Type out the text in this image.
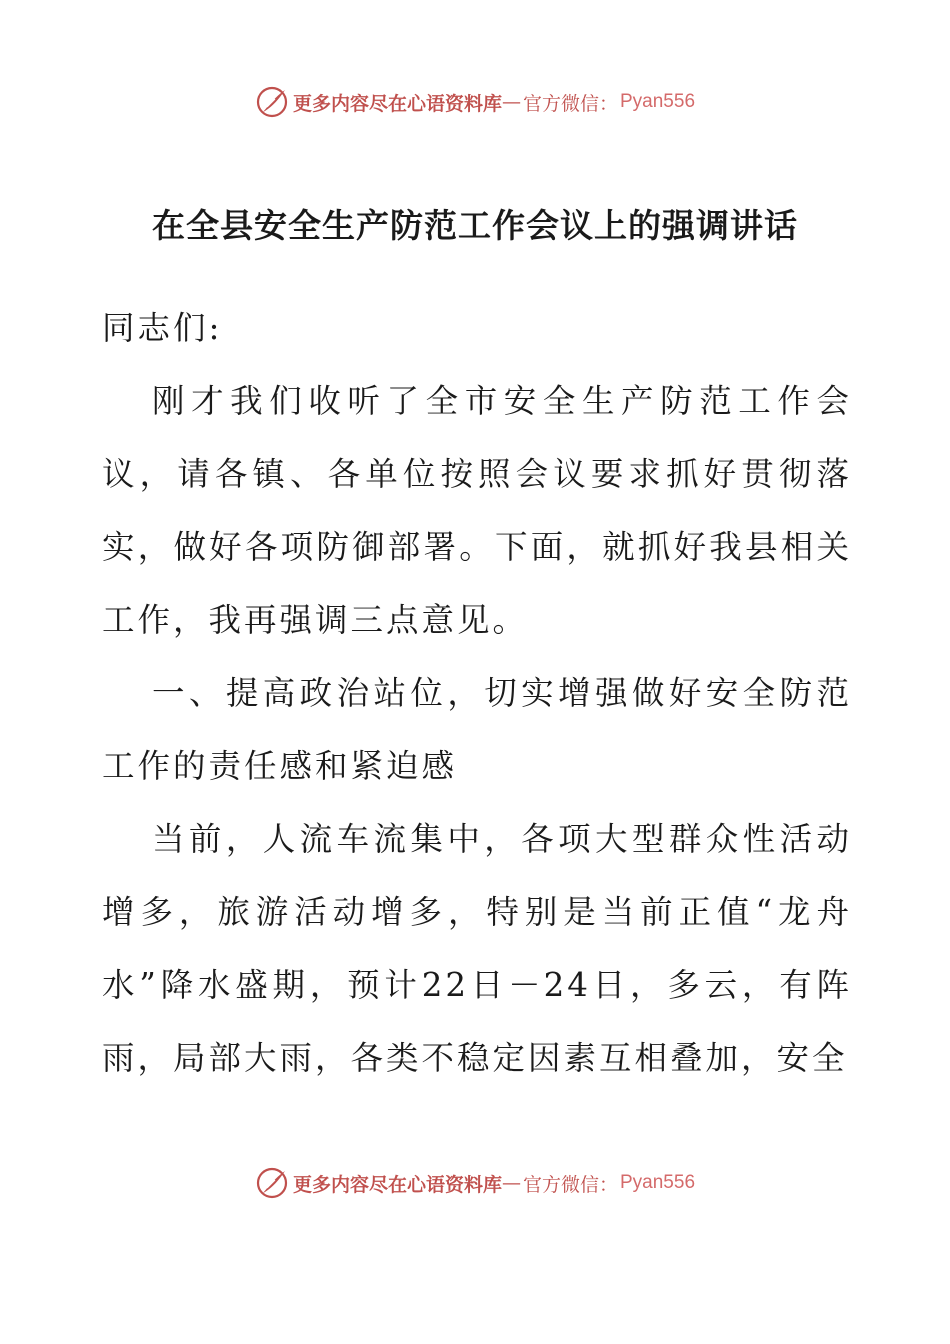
更多内容尽在心语资料库 — 官方微信： Pyan556
在全县安全生产防范工作会议上的强调讲话

同志们:

刚才我们收听了全市安全生产防范工作会议，请各镇、各单位按照会议要求抓好贯彻落实，做好各项防御部署。下面，就抓好我县相关工作，我再强调三点意见。

一、提高政治站位，切实增强做好安全防范工作的责任感和紧迫感

当前，人流车流集中，各项大型群众性活动增多，旅游活动增多，特别是当前正值“龙舟水”降水盛期，预计22日－24日，多云，有阵雨，局部大雨，各类不稳定因素互相叠加，安全

更多内容尽在心语资料库 — 官方微信： Pyan556
